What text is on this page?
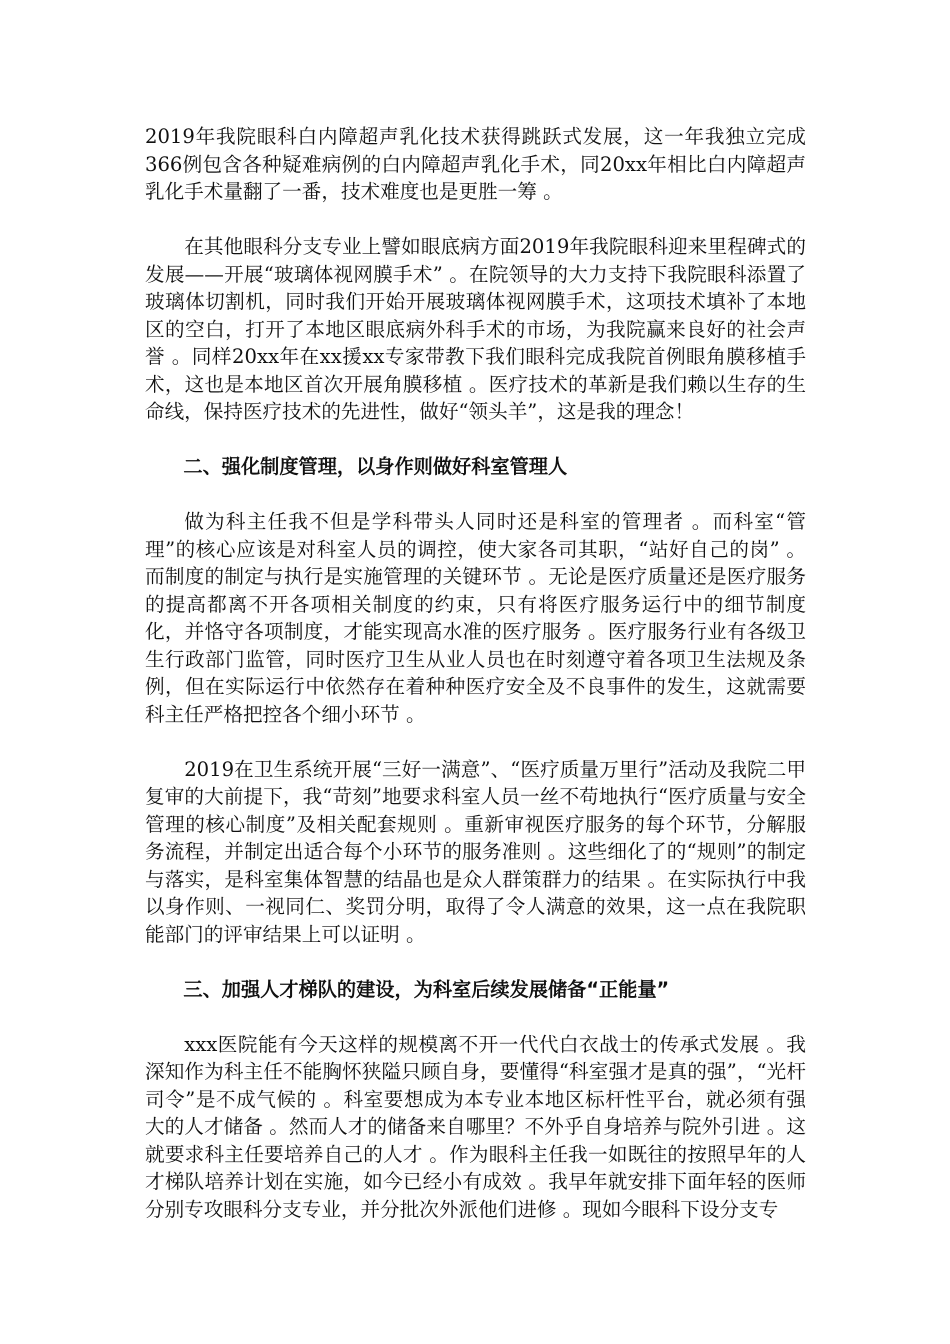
2019年我院眼科白内障超声乳化技术获得跳跃式发展，这一年我独立完成366例包含各种疑难病例的白内障超声乳化手术，同20xx年相比白内障超声乳化手术量翻了一番，技术难度也是更胜一筹 。

在其他眼科分支专业上譬如眼底病方面2019年我院眼科迎来里程碑式的发展——开展“玻璃体视网膜手术” 。在院领导的大力支持下我院眼科添置了玻璃体切割机，同时我们开始开展玻璃体视网膜手术，这项技术填补了本地区的空白，打开了本地区眼底病外科手术的市场，为我院赢来良好的社会声誉 。同样20xx年在xx援xx专家带教下我们眼科完成我院首例眼角膜移植手术，这也是本地区首次开展角膜移植 。医疗技术的革新是我们赖以生存的生命线，保持医疗技术的先进性，做好“领头羊”，这是我的理念！

二、强化制度管理，以身作则做好科室管理人

做为科主任我不但是学科带头人同时还是科室的管理者 。而科室“管理”的核心应该是对科室人员的调控，使大家各司其职，“站好自己的岗” 。而制度的制定与执行是实施管理的关键环节 。无论是医疗质量还是医疗服务的提高都离不开各项相关制度的约束，只有将医疗服务运行中的细节制度化，并恪守各项制度，才能实现高水准的医疗服务 。医疗服务行业有各级卫生行政部门监管，同时医疗卫生从业人员也在时刻遵守着各项卫生法规及条例，但在实际运行中依然存在着种种医疗安全及不良事件的发生，这就需要科主任严格把控各个细小环节 。

2019在卫生系统开展“三好一满意”、“医疗质量万里行”活动及我院二甲复审的大前提下，我“苛刻”地要求科室人员一丝不苟地执行“医疗质量与安全管理的核心制度”及相关配套规则 。重新审视医疗服务的每个环节，分解服务流程，并制定出适合每个小环节的服务准则 。这些细化了的“规则”的制定与落实，是科室集体智慧的结晶也是众人群策群力的结果 。在实际执行中我以身作则、一视同仁、奖罚分明，取得了令人满意的效果，这一点在我院职能部门的评审结果上可以证明 。

三、加强人才梯队的建设，为科室后续发展储备“正能量”

xxx医院能有今天这样的规模离不开一代代白衣战士的传承式发展 。我深知作为科主任不能胸怀狭隘只顾自身，要懂得“科室强才是真的强”，“光杆司令”是不成气候的 。科室要想成为本专业本地区标杆性平台，就必须有强大的人才储备 。然而人才的储备来自哪里？不外乎自身培养与院外引进 。这就要求科主任要培养自己的人才 。作为眼科主任我一如既往的按照早年的人才梯队培养计划在实施，如今已经小有成效 。我早年就安排下面年轻的医师分别专攻眼科分支专业，并分批次外派他们进修 。现如今眼科下设分支专
